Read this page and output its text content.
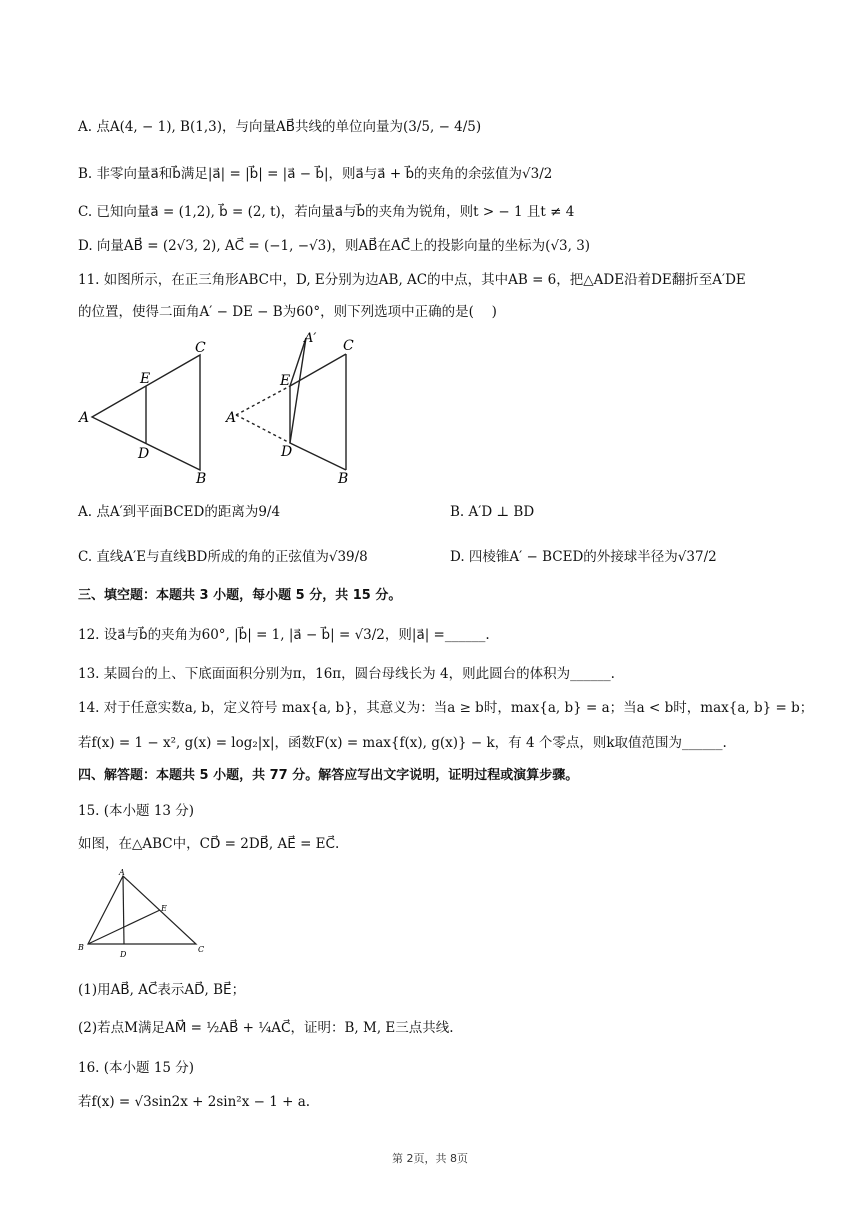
A. 点A(4, − 1), B(1,3)，与向量AB⃗共线的单位向量为(3/5, − 4/5)
B. 非零向量a⃗和b⃗满足|a⃗| = |b⃗| = |a⃗ − b⃗|，则a⃗与a⃗ + b⃗的夹角的余弦值为√3/2
C. 已知向量a⃗ = (1,2), b⃗ = (2, t)，若向量a⃗与b⃗的夹角为锐角，则t > − 1 且t ≠ 4
D. 向量AB⃗ = (2√3, 2), AC⃗ = (−1, −√3)，则AB⃗在AC⃗上的投影向量的坐标为(√3, 3)
11. 如图所示，在正三角形ABC中，D, E分别为边AB, AC的中点，其中AB = 6，把△ADE沿着DE翻折至A′DE
的位置，使得二面角A′ − DE − B为60°，则下列选项中正确的是(　 )
C
E
A
D
B
A′ C
E
A
D
B
A. 点A′到平面BCED的距离为9/4	B. A′D ⊥ BD
C. 直线A′E与直线BD所成的角的正弦值为√39/8	D. 四棱锥A′ − BCED的外接球半径为√37/2
三、填空题：本题共 3 小题，每小题 5 分，共 15 分。
12. 设a⃗与b⃗的夹角为60°, |b⃗| = 1, |a⃗ − b⃗| = √3/2，则|a⃗| =______.
13. 某圆台的上、下底面面积分别为π，16π，圆台母线长为 4，则此圆台的体积为______.
14. 对于任意实数a, b，定义符号 max{a, b}，其意义为：当a ≥ b时，max{a, b} = a；当a < b时，max{a, b} = b；
若f(x) = 1 − x², g(x) = log₂|x|，函数F(x) = max{f(x), g(x)} − k，有 4 个零点，则k取值范围为______.
四、解答题：本题共 5 小题，共 77 分。解答应写出文字说明，证明过程或演算步骤。
15. (本小题 13 分)
如图，在△ABC中，CD⃗ = 2DB⃗, AE⃗ = EC⃗.
A
E
B
D
C
(1)用AB⃗, AC⃗表示AD⃗, BE⃗；
(2)若点M满足AM⃗ = ½AB⃗ + ¼AC⃗，证明：B, M, E三点共线.
16. (本小题 15 分)
若f(x) = √3sin2x + 2sin²x − 1 + a.
第 2页，共 8页
